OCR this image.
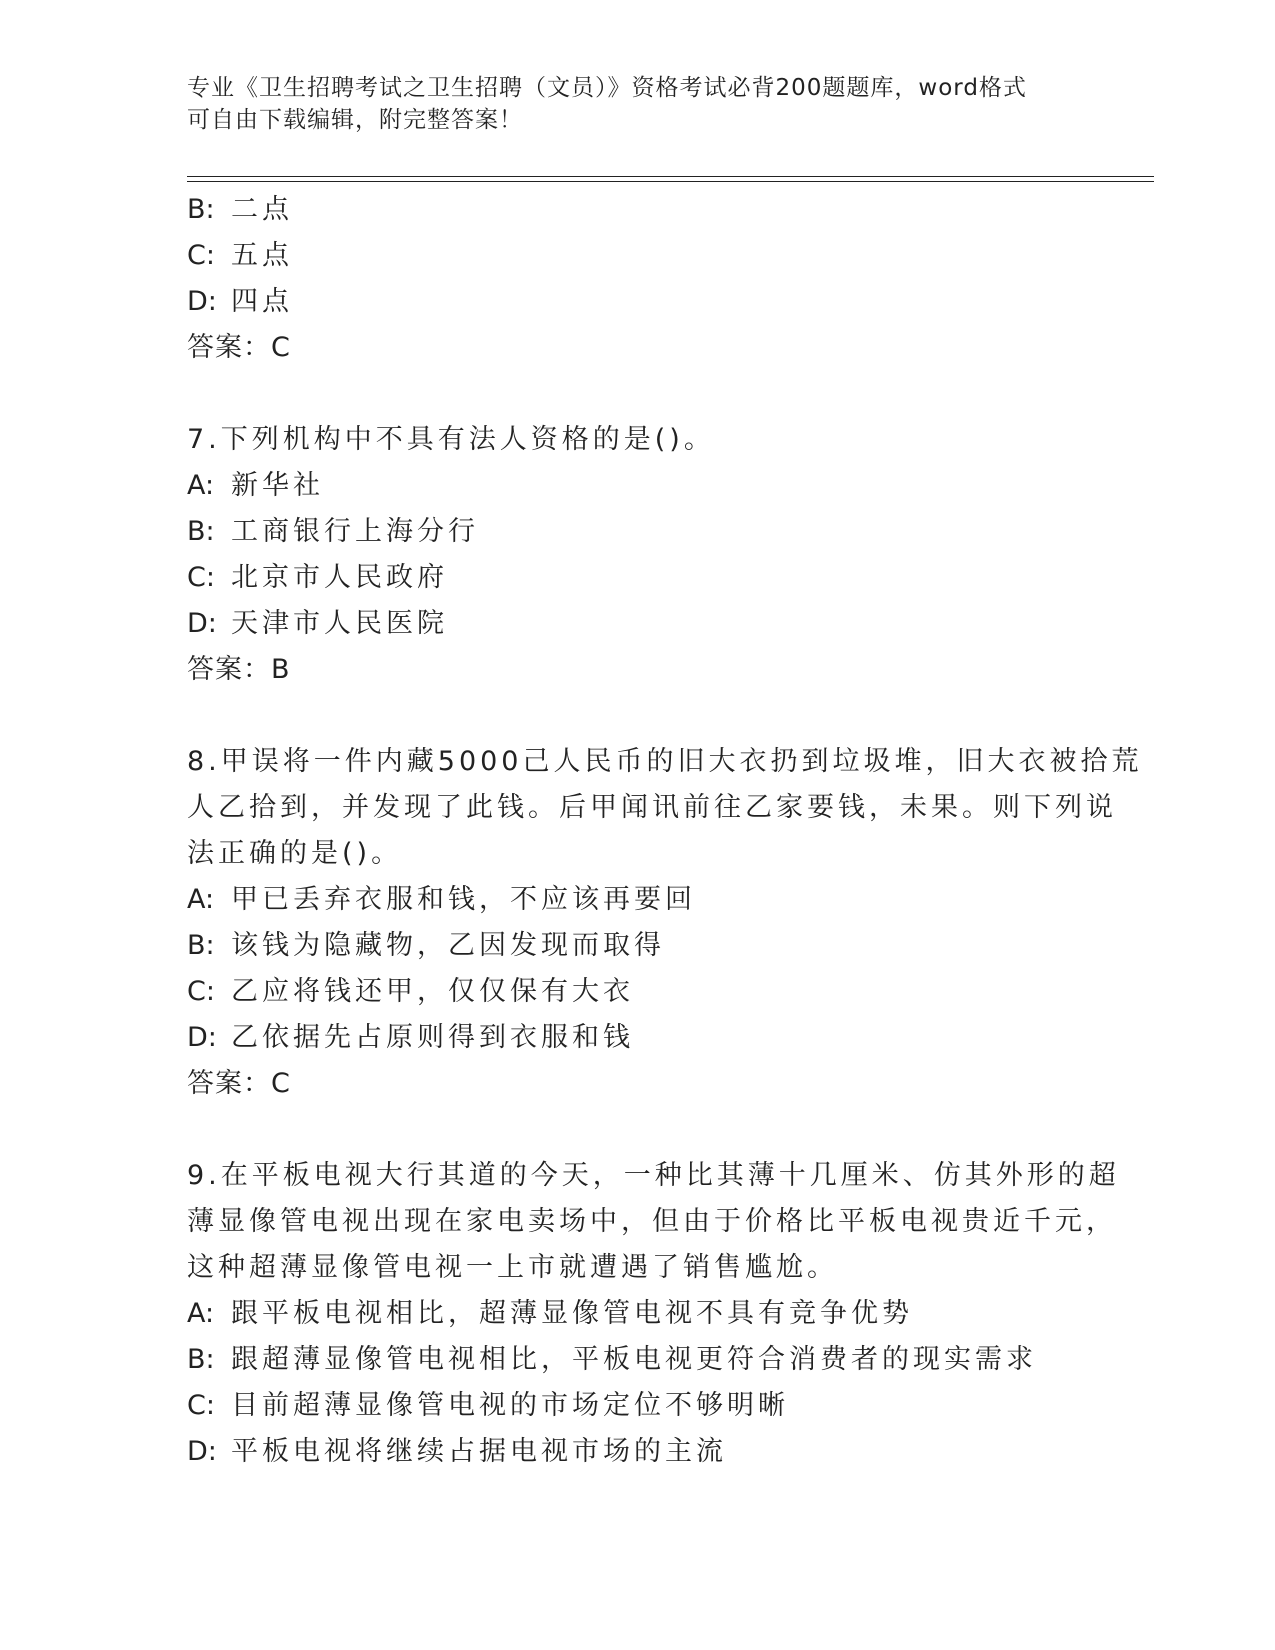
专业《卫生招聘考试之卫生招聘（文员）》资格考试必背200题题库，word格式
可自由下载编辑，附完整答案！
B: 二点
C: 五点
D: 四点
答案：C
7.下列机构中不具有法人资格的是()。
A: 新华社
B: 工商银行上海分行
C: 北京市人民政府
D: 天津市人民医院
答案：B
8.甲误将一件内藏5000己人民币的旧大衣扔到垃圾堆，旧大衣被拾荒
人乙拾到，并发现了此钱。后甲闻讯前往乙家要钱，未果。则下列说
法正确的是()。
A: 甲已丢弃衣服和钱，不应该再要回
B: 该钱为隐藏物，乙因发现而取得
C: 乙应将钱还甲，仅仅保有大衣
D: 乙依据先占原则得到衣服和钱
答案：C
9.在平板电视大行其道的今天，一种比其薄十几厘米、仿其外形的超
薄显像管电视出现在家电卖场中，但由于价格比平板电视贵近千元，
这种超薄显像管电视一上市就遭遇了销售尴尬。
A: 跟平板电视相比，超薄显像管电视不具有竞争优势
B: 跟超薄显像管电视相比，平板电视更符合消费者的现实需求
C: 目前超薄显像管电视的市场定位不够明晰
D: 平板电视将继续占据电视市场的主流
